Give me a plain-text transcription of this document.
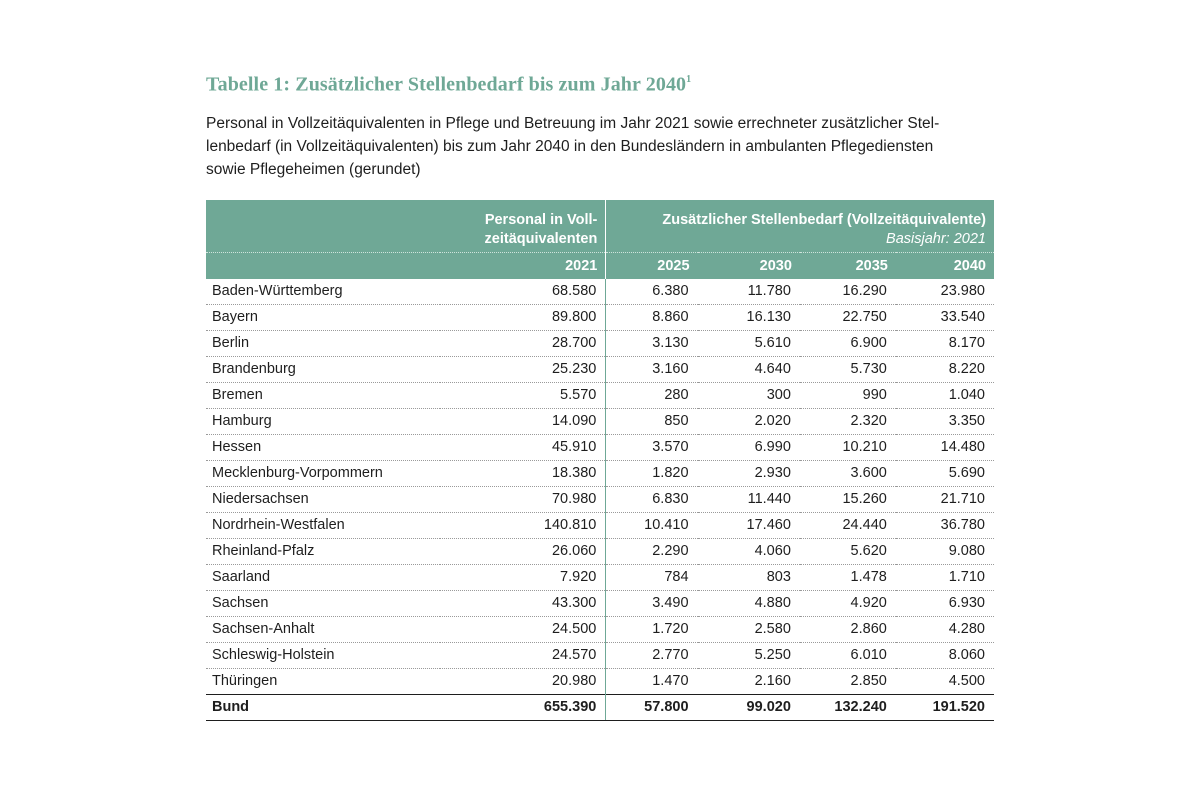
Tabelle 1: Zusätzlicher Stellenbedarf bis zum Jahr 2040$^1$

Personal in Vollzeitäquivalenten in Pflege und Betreuung im Jahr 2021 sowie errechneter zusätzlicher Stel-
lenbedarf (in Vollzeitäquivalenten) bis zum Jahr 2040 in den Bundesländern in ambulanten Pflegediensten
sowie Pflegeheimen (gerundet)

	Personal in Voll-	Zusätzlicher Stellenbedarf (Vollzeitäquivalente)			
	zeitäquivalenten	Basisjahr: 2021			
	2021	2025	2030	2035	2040
Baden-Württemberg	68.580	6.380	11.780	16.290	23.980
Bayern	89.800	8.860	16.130	22.750	33.540
Berlin	28.700	3.130	5.610	6.900	8.170
Brandenburg	25.230	3.160	4.640	5.730	8.220
Bremen	5.570	280	300	990	1.040
Hamburg	14.090	850	2.020	2.320	3.350
Hessen	45.910	3.570	6.990	10.210	14.480
Mecklenburg-Vorpommern	18.380	1.820	2.930	3.600	5.690
Niedersachsen	70.980	6.830	11.440	15.260	21.710
Nordrhein-Westfalen	140.810	10.410	17.460	24.440	36.780
Rheinland-Pfalz	26.060	2.290	4.060	5.620	9.080
Saarland	7.920	784	803	1.478	1.710
Sachsen	43.300	3.490	4.880	4.920	6.930
Sachsen-Anhalt	24.500	1.720	2.580	2.860	4.280
Schleswig-Holstein	24.570	2.770	5.250	6.010	8.060
Thüringen	20.980	1.470	2.160	2.850	4.500
Bund	655.390	57.800	99.020	132.240	191.520
